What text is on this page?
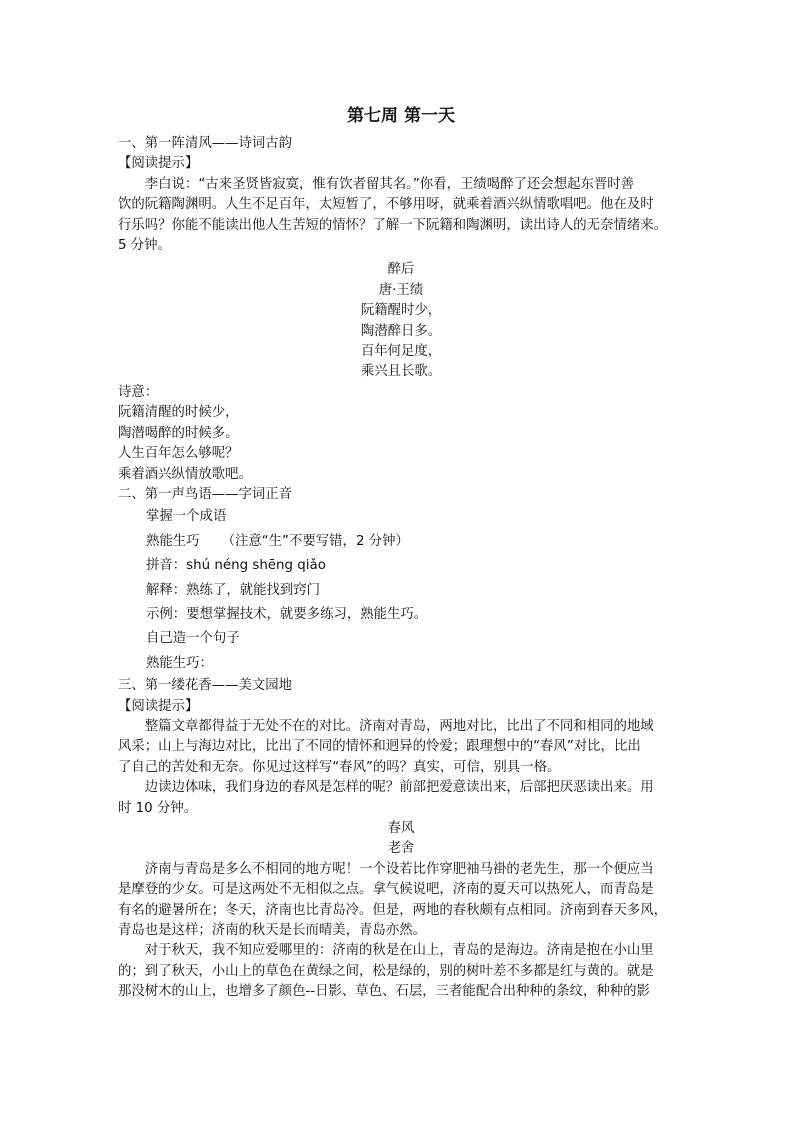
第七周 第一天
一、第一阵清风——诗词古韵
【阅读提示】
李白说：“古来圣贤皆寂寞，惟有饮者留其名。”你看，王绩喝醉了还会想起东晋时善
饮的阮籍陶渊明。人生不足百年，太短暂了，不够用呀，就乘着酒兴纵情歌唱吧。他在及时
行乐吗？你能不能读出他人生苦短的情怀？了解一下阮籍和陶渊明，读出诗人的无奈情绪来。
5 分钟。
醉后
唐·王绩
阮籍醒时少，
陶潜醉日多。
百年何足度，
乘兴且长歌。
诗意：
阮籍清醒的时候少，
陶潜喝醉的时候多。
人生百年怎么够呢？
乘着酒兴纵情放歌吧。
二、第一声鸟语——字词正音
掌握一个成语
熟能生巧 （注意“生”不要写错，2 分钟）
拼音：shú néng shēng qiǎo
解释：熟练了，就能找到窍门
示例：要想掌握技术，就要多练习，熟能生巧。
自己造一个句子
熟能生巧：
三、第一缕花香——美文园地
【阅读提示】
整篇文章都得益于无处不在的对比。济南对青岛，两地对比，比出了不同和相同的地域
风采；山上与海边对比，比出了不同的情怀和迥异的怜爱；跟理想中的“春风”对比，比出
了自己的苦处和无奈。你见过这样写“春风”的吗？真实，可信，别具一格。
边读边体味，我们身边的春风是怎样的呢？前部把爱意读出来，后部把厌恶读出来。用
时 10 分钟。
春风
老舍
济南与青岛是多么不相同的地方呢！一个设若比作穿肥袖马褂的老先生，那一个便应当
是摩登的少女。可是这两处不无相似之点。拿气候说吧，济南的夏天可以热死人，而青岛是
有名的避暑所在；冬天，济南也比青岛冷。但是，两地的春秋颇有点相同。济南到春天多风，
青岛也是这样；济南的秋天是长而晴美，青岛亦然。
对于秋天，我不知应爱哪里的：济南的秋是在山上，青岛的是海边。济南是抱在小山里
的；到了秋天，小山上的草色在黄绿之间，松是绿的，别的树叶差不多都是红与黄的。就是
那没树木的山上，也增多了颜色--日影、草色、石层，三者能配合出种种的条纹，种种的影
